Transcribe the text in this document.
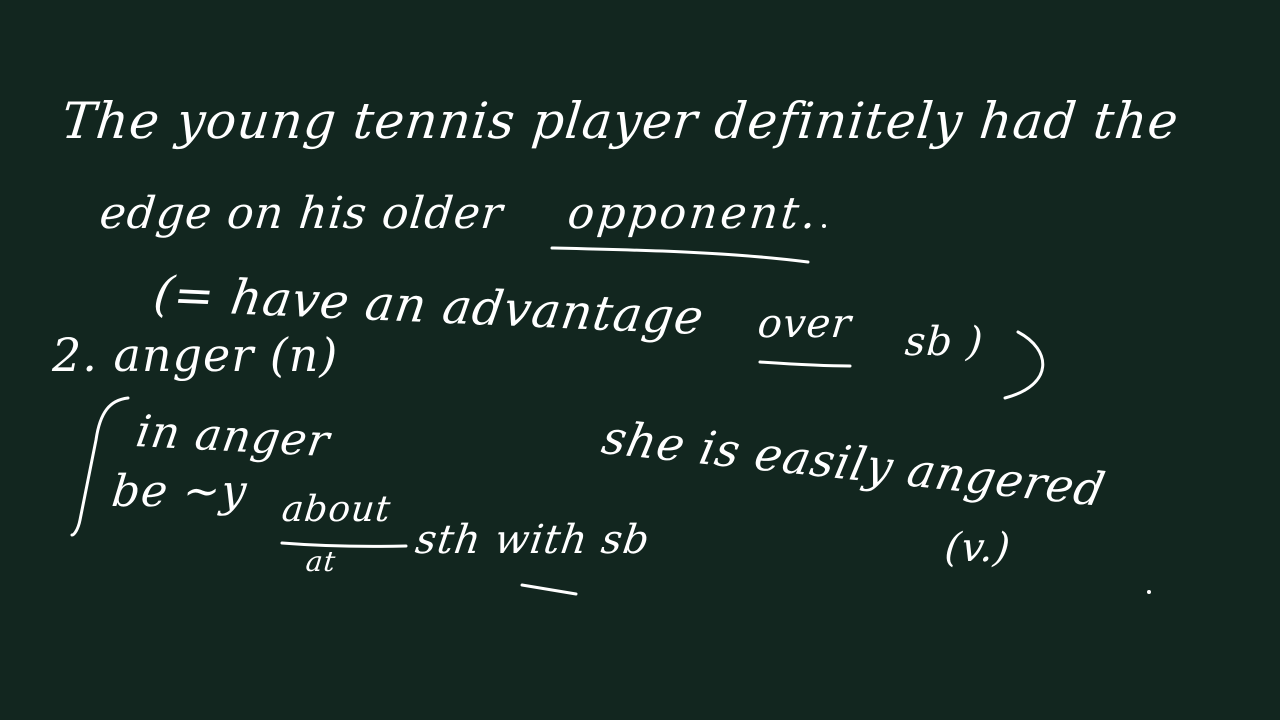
The young tennis player definitely had the
edge on his older opponent.
(= have an advantage over sb )
2. anger (n)
in anger
be ~y about
at sth with sb
she is easily angered
(v.)
